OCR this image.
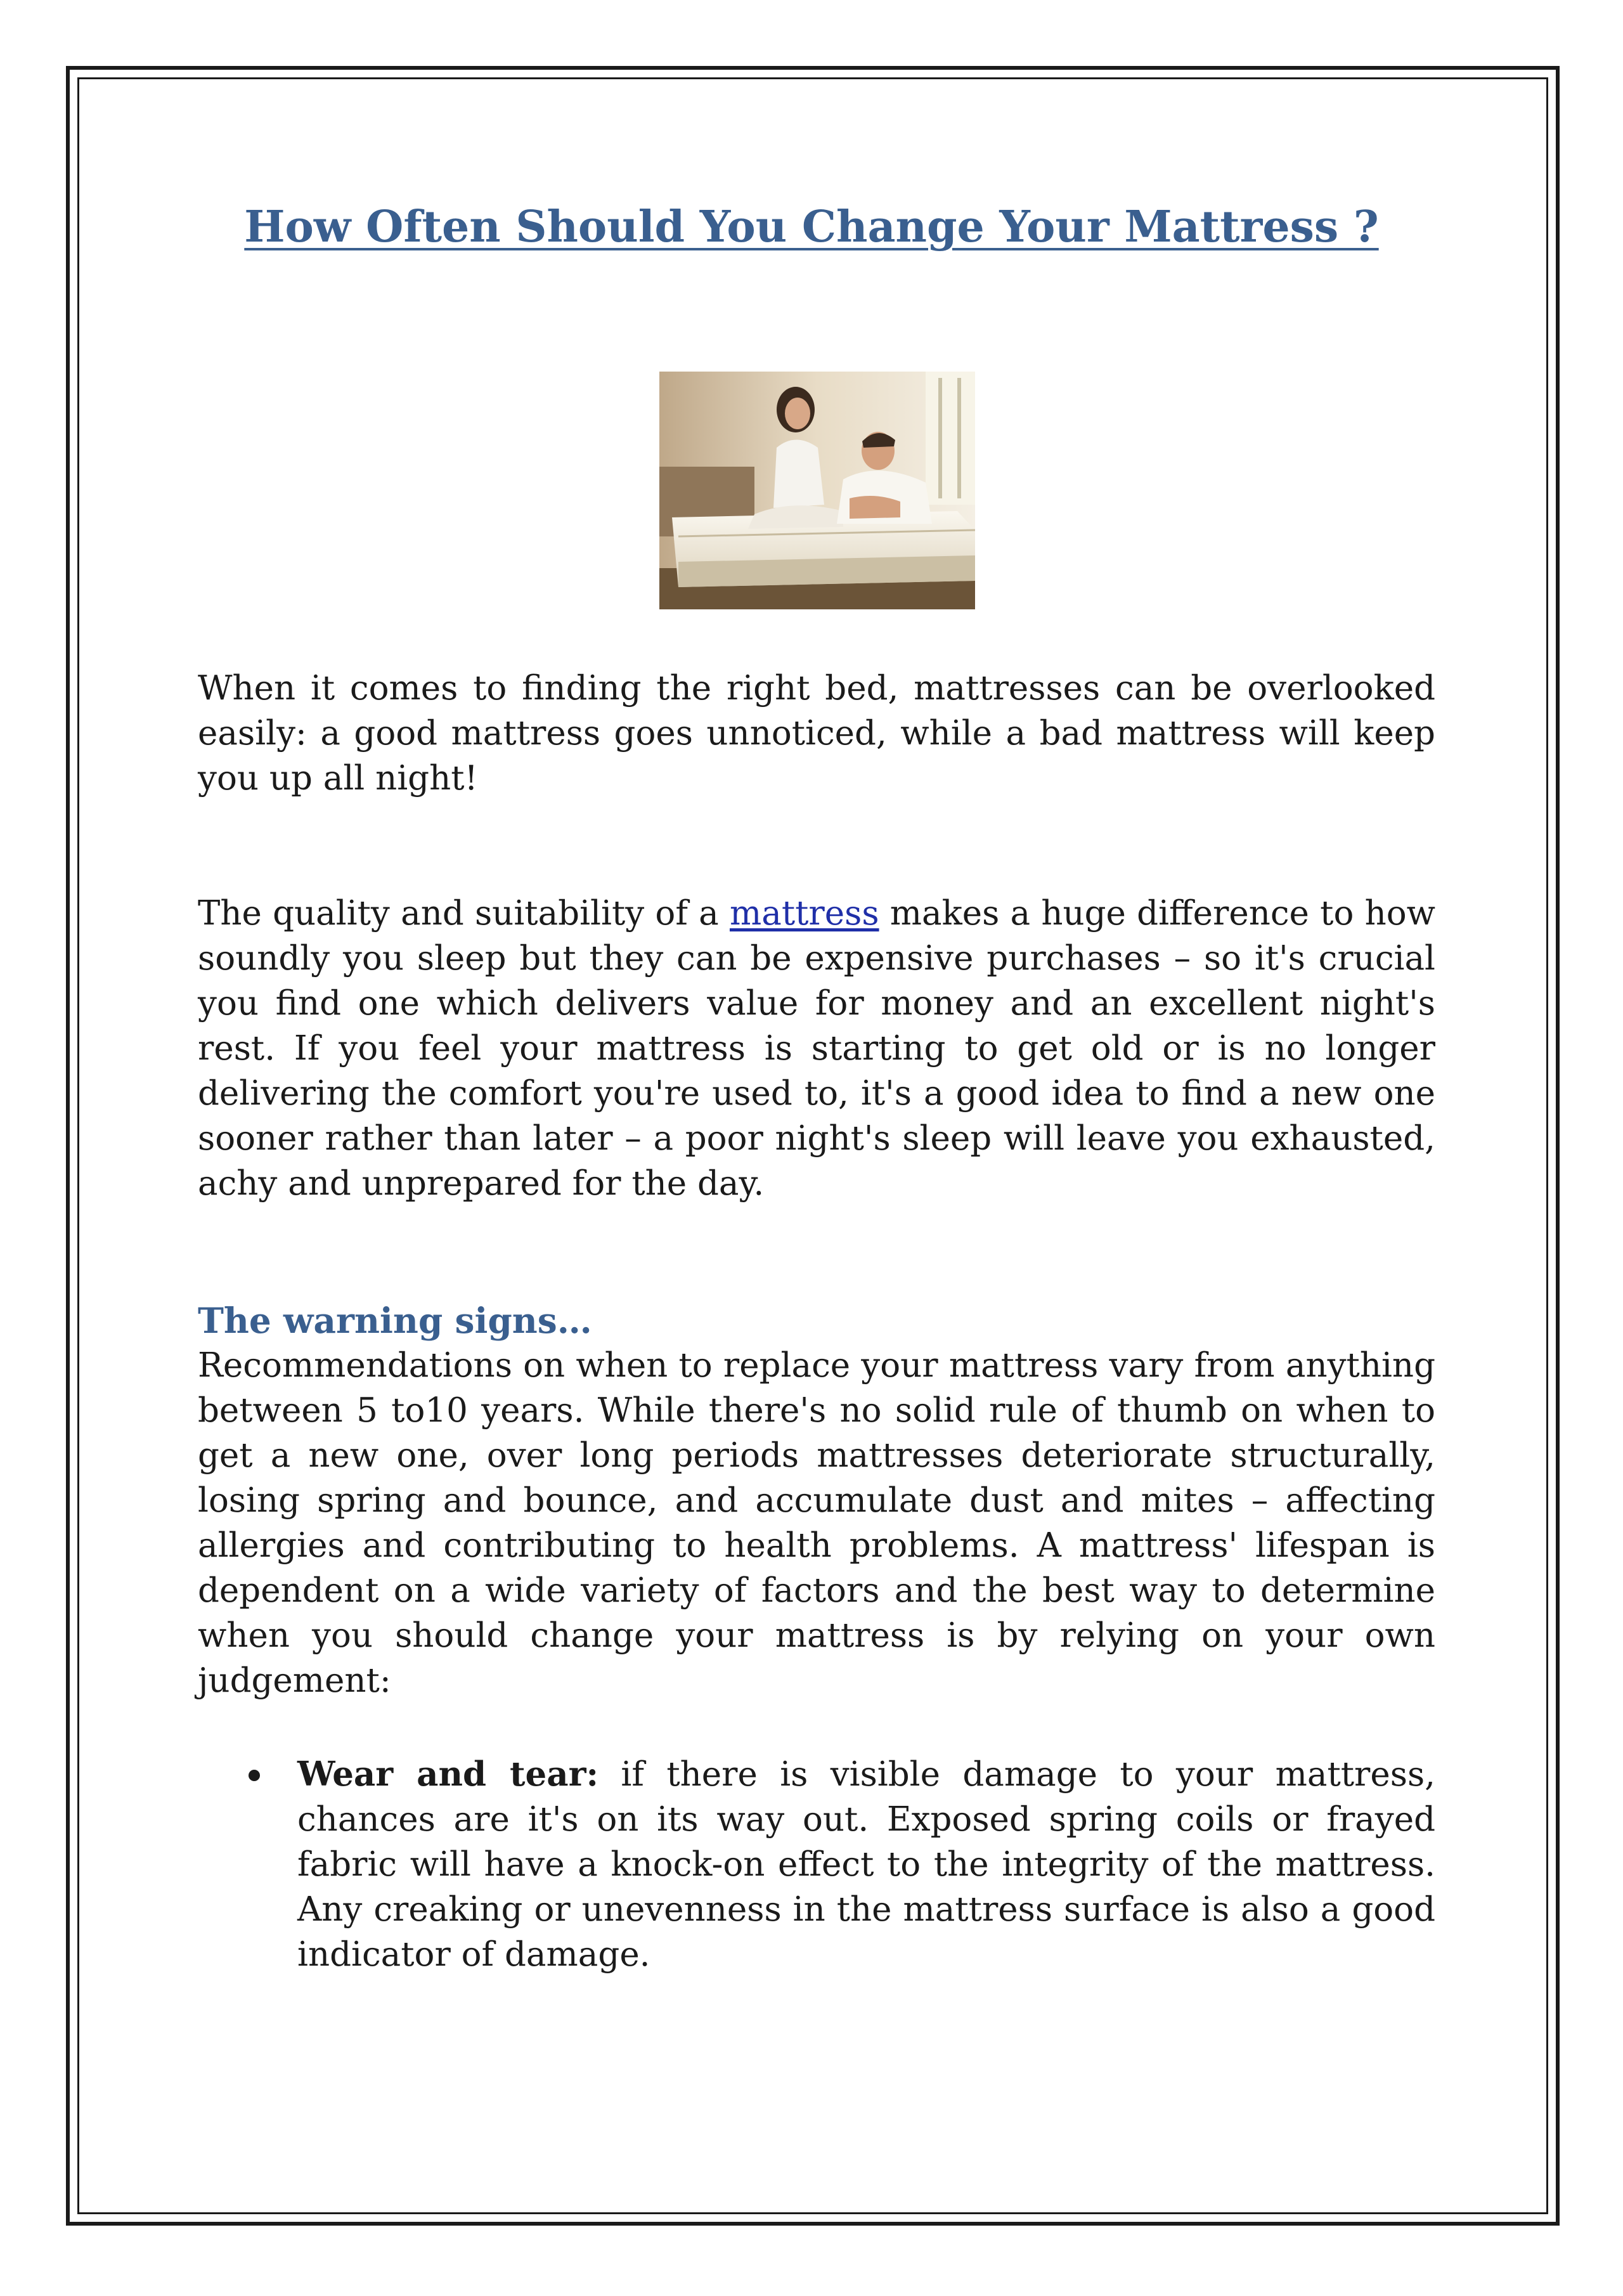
How Often Should You Change Your Mattress ?

When it comes to finding the right bed, mattresses can be overlooked easily: a good mattress goes unnoticed, while a bad mattress will keep you up all night!

The quality and suitability of a mattress makes a huge difference to how soundly you sleep but they can be expensive purchases – so it's crucial you find one which delivers value for money and an excellent night's rest. If you feel your mattress is starting to get old or is no longer delivering the comfort you're used to, it's a good idea to find a new one sooner rather than later – a poor night's sleep will leave you exhausted, achy and unprepared for the day.

The warning signs…

Recommendations on when to replace your mattress vary from anything between 5 to10 years. While there's no solid rule of thumb on when to get a new one, over long periods mattresses deteriorate structurally, losing spring and bounce, and accumulate dust and mites – affecting allergies and contributing to health problems. A mattress' lifespan is dependent on a wide variety of factors and the best way to determine when you should change your mattress is by relying on your own judgement:

Wear and tear: if there is visible damage to your mattress, chances are it's on its way out. Exposed spring coils or frayed fabric will have a knock-on effect to the integrity of the mattress. Any creaking or unevenness in the mattress surface is also a good indicator of damage.
